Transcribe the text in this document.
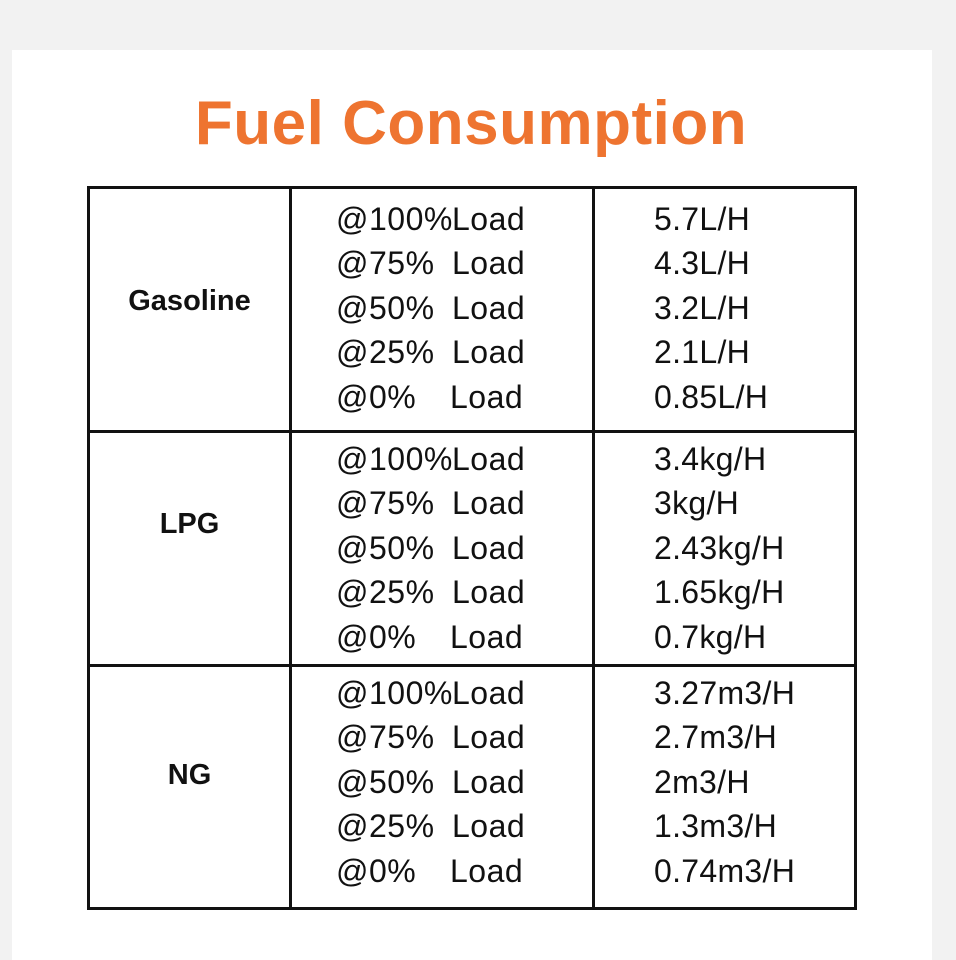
Fuel Consumption
Gasoline
@100% Load	5.7L/H
@75% Load	4.3L/H
@50% Load	3.2L/H
@25% Load	2.1L/H
@0% Load	0.85L/H
LPG
@100% Load	3.4kg/H
@75% Load	3kg/H
@50% Load	2.43kg/H
@25% Load	1.65kg/H
@0% Load	0.7kg/H
NG
@100% Load	3.27m3/H
@75% Load	2.7m3/H
@50% Load	2m3/H
@25% Load	1.3m3/H
@0% Load	0.74m3/H
